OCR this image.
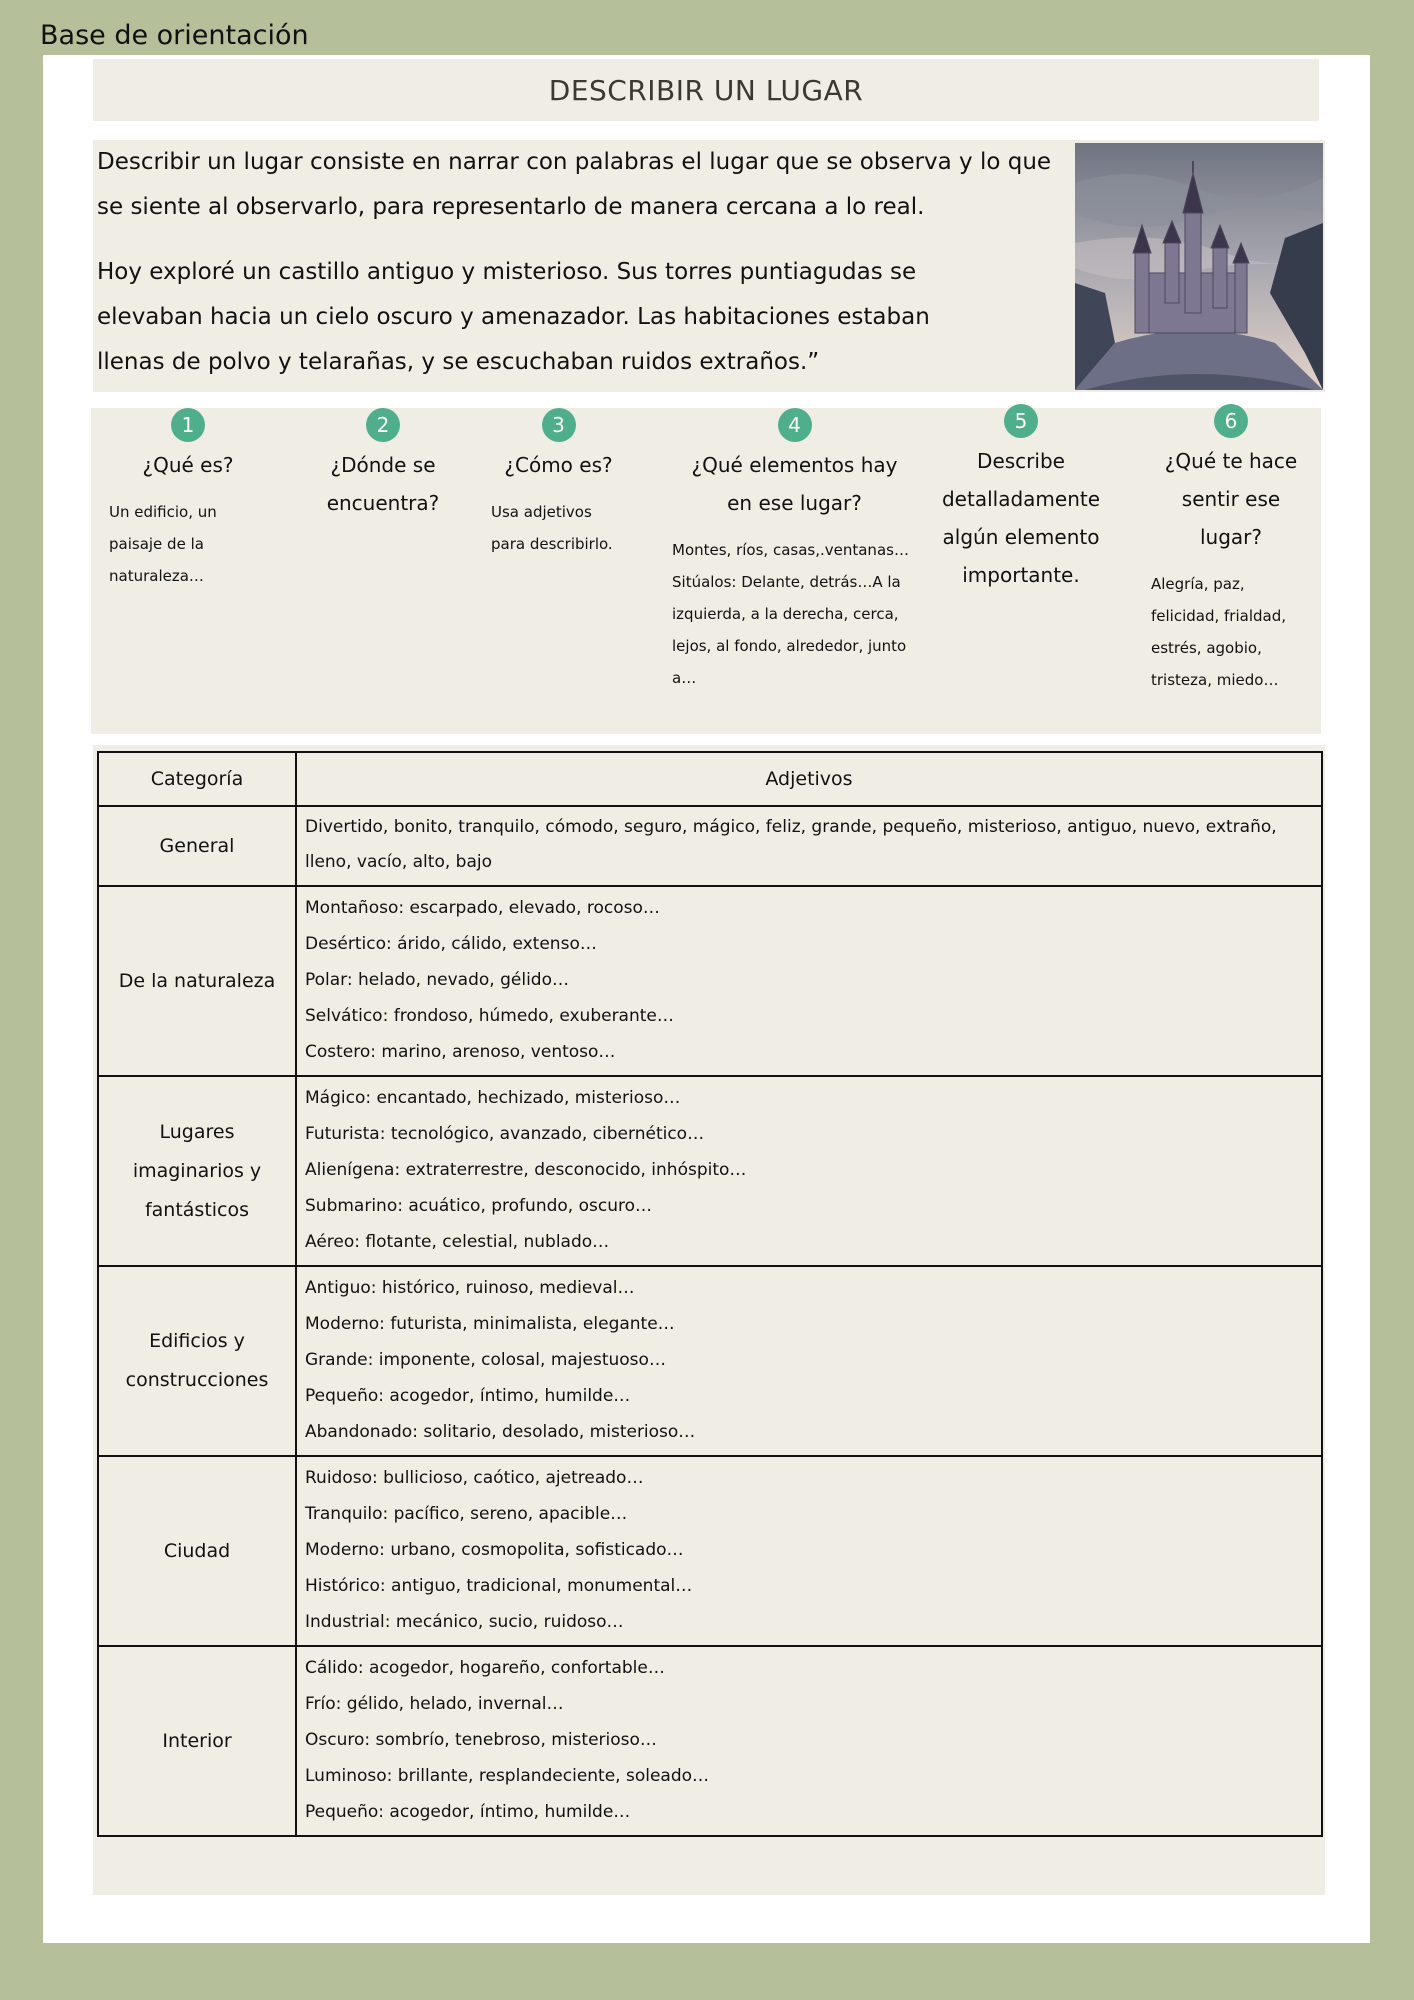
Base de orientación
DESCRIBIR UN LUGAR

Describir un lugar consiste en narrar con palabras el lugar que se observa y lo que se siente al observarlo, para representarlo de manera cercana a lo real.

Hoy exploré un castillo antiguo y misterioso. Sus torres puntiagudas se elevaban hacia un cielo oscuro y amenazador. Las habitaciones estaban llenas de polvo y telarañas, y se escuchaban ruidos extraños.”

1
¿Qué es?
Un edificio, un paisaje de la naturaleza…
2
¿Dónde se encuentra?
3
¿Cómo es?
Usa adjetivos para describirlo.
4
¿Qué elementos hay en ese lugar?
Montes, ríos, casas,.ventanas… Sitúalos: Delante, detrás…A la izquierda, a la derecha, cerca, lejos, al fondo, alrededor, junto a…
5
Describe detalladamente algún elemento importante.
6
¿Qué te hace sentir ese lugar?
Alegría, paz, felicidad, frialdad, estrés, agobio, tristeza, miedo…
Categoría	Adjetivos
General	Divertido, bonito, tranquilo, cómodo, seguro, mágico, feliz, grande, pequeño, misterioso, antiguo, nuevo, extraño, lleno, vacío, alto, bajo

De la naturaleza	Montañoso: escarpado, elevado, rocoso…
Desértico: árido, cálido, extenso…
Polar: helado, nevado, gélido…
Selvático: frondoso, húmedo, exuberante…
Costero: marino, arenoso, ventoso…

Lugares imaginarios y fantásticos	Mágico: encantado, hechizado, misterioso…
Futurista: tecnológico, avanzado, cibernético…
Alienígena: extraterrestre, desconocido, inhóspito…
Submarino: acuático, profundo, oscuro…
Aéreo: flotante, celestial, nublado…

Edificios y construcciones	Antiguo: histórico, ruinoso, medieval…
Moderno: futurista, minimalista, elegante…
Grande: imponente, colosal, majestuoso…
Pequeño: acogedor, íntimo, humilde…
Abandonado: solitario, desolado, misterioso…

Ciudad	Ruidoso: bullicioso, caótico, ajetreado…
Tranquilo: pacífico, sereno, apacible…
Moderno: urbano, cosmopolita, sofisticado…
Histórico: antiguo, tradicional, monumental…
Industrial: mecánico, sucio, ruidoso…

Interior	Cálido: acogedor, hogareño, confortable…
Frío: gélido, helado, invernal…
Oscuro: sombrío, tenebroso, misterioso…
Luminoso: brillante, resplandeciente, soleado…
Pequeño: acogedor, íntimo, humilde…
